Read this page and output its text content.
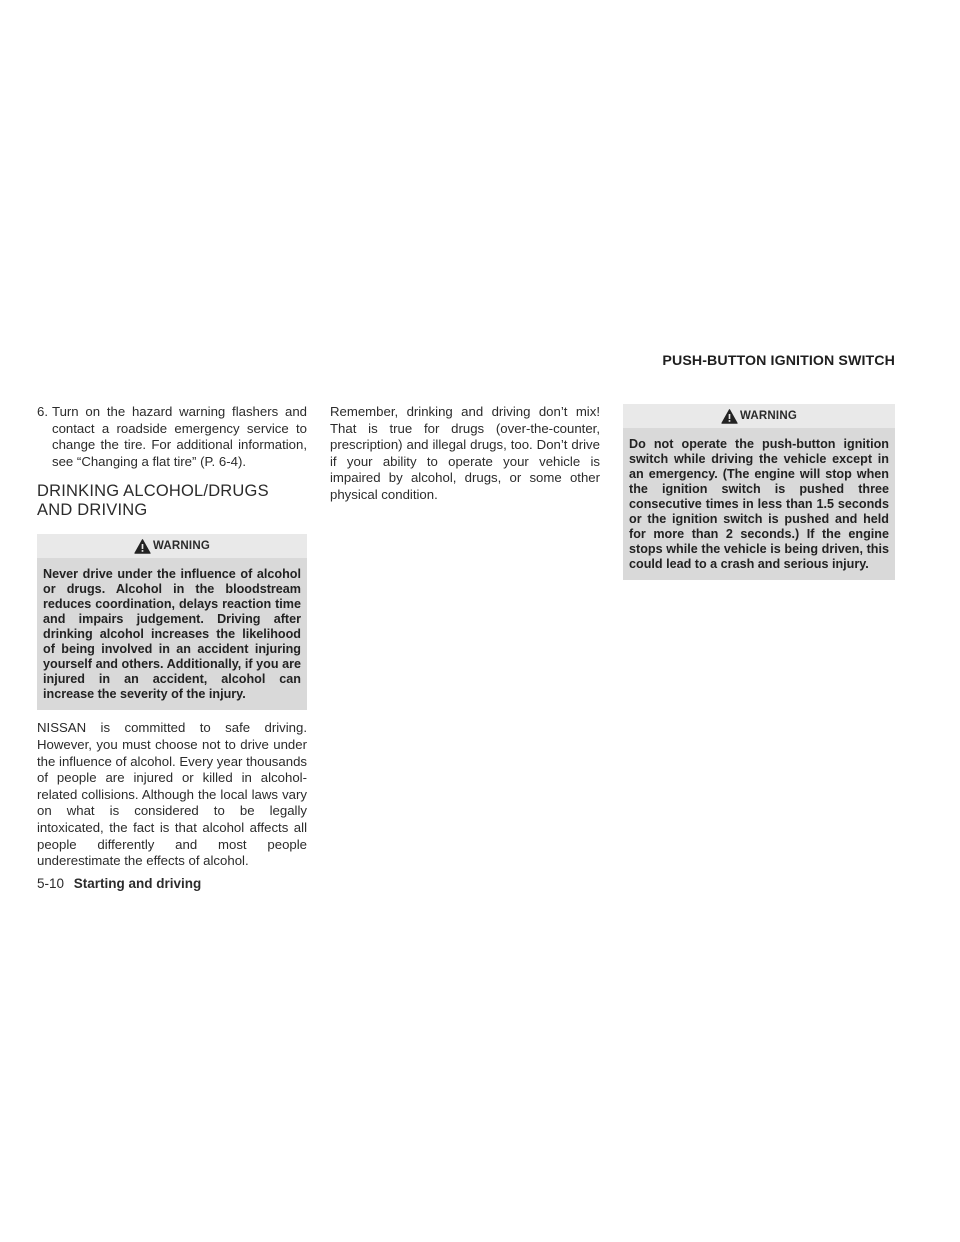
6. Turn on the hazard warning flashers and contact a roadside emergency service to change the tire. For additional information, see “Changing a flat tire” (P. 6-4).
DRINKING ALCOHOL/DRUGS AND DRIVING
WARNING
Never drive under the influence of alcohol or drugs. Alcohol in the bloodstream reduces coordination, delays reaction time and impairs judgement. Driving after drinking alcohol increases the likelihood of being involved in an accident injuring yourself and others. Additionally, if you are injured in an accident, alcohol can increase the severity of the injury.

NISSAN is committed to safe driving. However, you must choose not to drive under the influence of alcohol. Every year thousands of people are injured or killed in alcohol-related collisions. Although the local laws vary on what is considered to be legally intoxicated, the fact is that alcohol affects all people differently and most people underestimate the effects of alcohol.

Remember, drinking and driving don’t mix! That is true for drugs (over-the-counter, prescription) and illegal drugs, too. Don’t drive if your ability to operate your vehicle is impaired by alcohol, drugs, or some other physical condition.

PUSH-BUTTON IGNITION SWITCH
WARNING
Do not operate the push-button ignition switch while driving the vehicle except in an emergency. (The engine will stop when the ignition switch is pushed three consecutive times in less than 1.5 seconds or the ignition switch is pushed and held for more than 2 seconds.) If the engine stops while the vehicle is being driven, this could lead to a crash and serious injury.
5-10 Starting and driving
